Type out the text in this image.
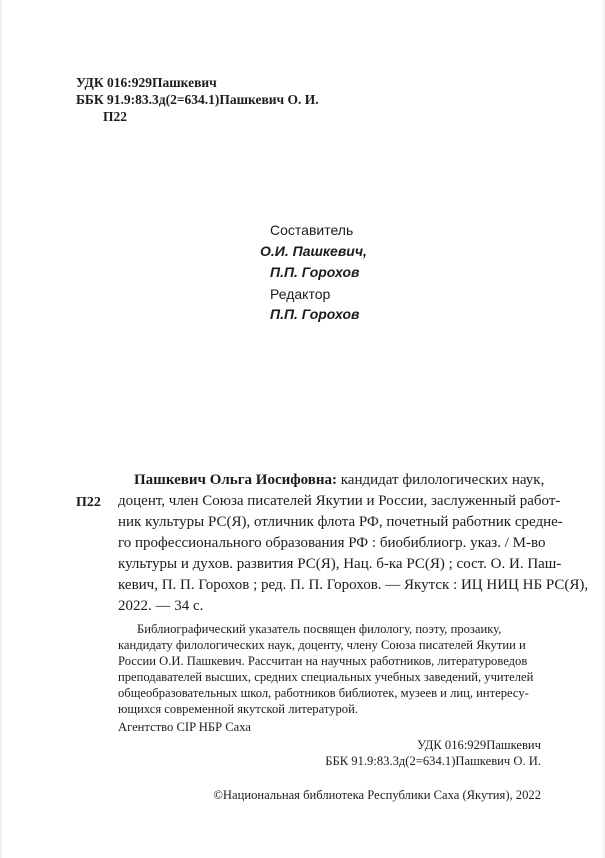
УДК 016:929Пашкевич
ББК 91.9:83.3д(2=634.1)Пашкевич О. И.
П22
Составитель
О.И. Пашкевич,
П.П. Горохов
Редактор
П.П. Горохов
П22
Пашкевич Ольга Иосифовна: кандидат филологических наук,
доцент, член Союза писателей Якутии и России, заслуженный работ-
ник культуры РС(Я), отличник флота РФ, почетный работник средне-
го профессионального образования РФ : биобиблиогр. указ. / М-во
культуры и духов. развития РС(Я), Нац. б-ка РС(Я) ; сост. О. И. Паш-
кевич, П. П. Горохов ; ред. П. П. Горохов. — Якутск : ИЦ НИЦ НБ РС(Я),
2022. — 34 с.
Библиографический указатель посвящен филологу, поэту, прозаику,
кандидату филологических наук, доценту, члену Союза писателей Якутии и
России О.И. Пашкевич. Рассчитан на научных работников, литературоведов
преподавателей высших, средних специальных учебных заведений, учителей
общеобразовательных школ, работников библиотек, музеев и лиц, интересу-
ющихся современной якутской литературой.
Агентство CIP НБР Саха
УДК 016:929Пашкевич
ББК 91.9:83.3д(2=634.1)Пашкевич О. И.
©Национальная библиотека Республики Саха (Якутия), 2022
